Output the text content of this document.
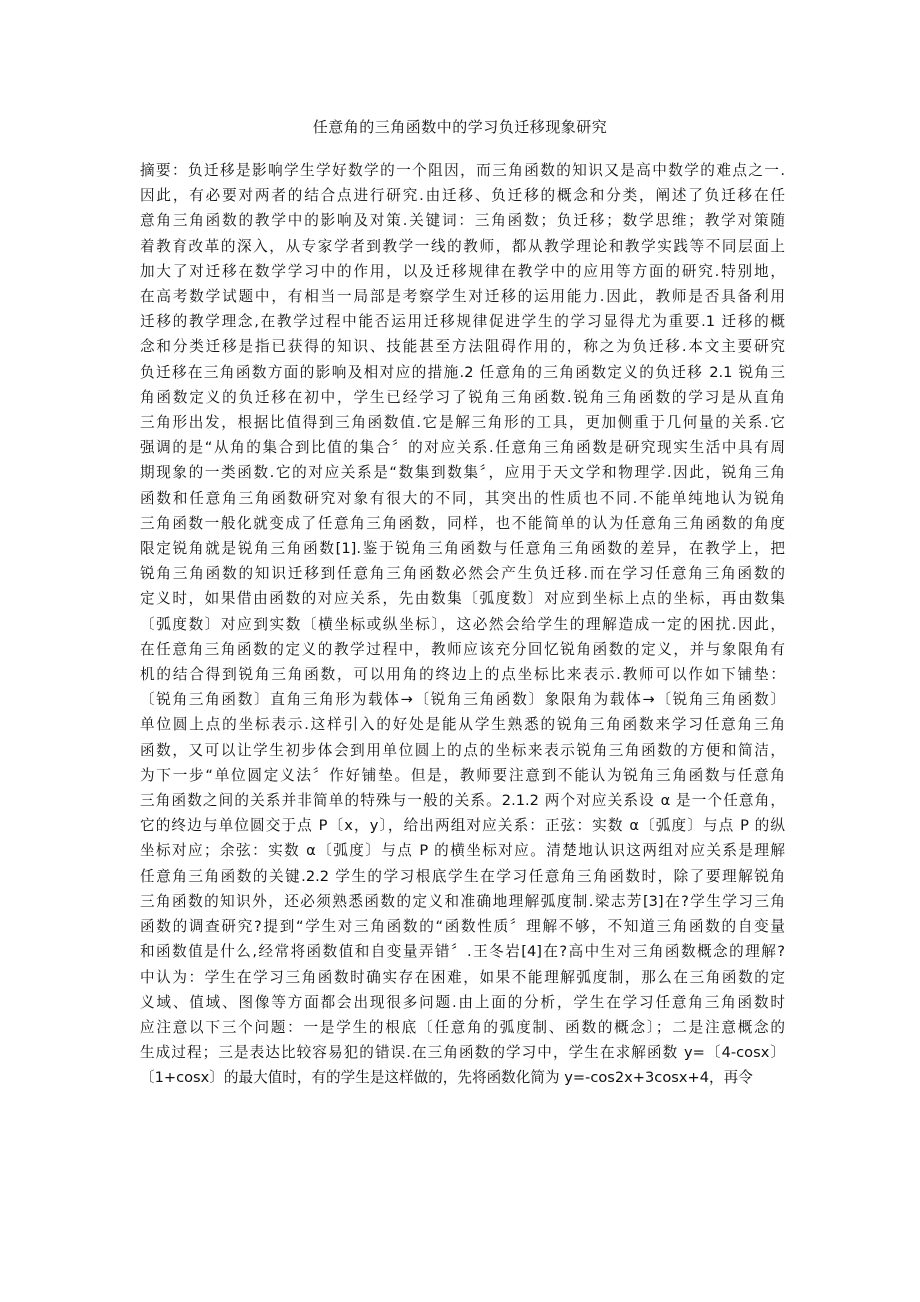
任意角的三角函数中的学习负迁移现象研究
摘要：负迁移是影响学生学好数学的一个阻因，而三角函数的知识又是高中数学的难点之一.
因此，有必要对两者的结合点进行研究.由迁移、负迁移的概念和分类，阐述了负迁移在任
意角三角函数的教学中的影响及对策.关键词：三角函数；负迁移；数学思维；教学对策随
着教育改革的深入，从专家学者到教学一线的教师，都从教学理论和教学实践等不同层面上
加大了对迁移在数学学习中的作用，以及迁移规律在教学中的应用等方面的研究.特别地，
在高考数学试题中，有相当一局部是考察学生对迁移的运用能力.因此，教师是否具备利用
迁移的教学理念,在教学过程中能否运用迁移规律促进学生的学习显得尤为重要.1 迁移的概
念和分类迁移是指已获得的知识、技能甚至方法阻碍作用的，称之为负迁移.本文主要研究
负迁移在三角函数方面的影响及相对应的措施.2 任意角的三角函数定义的负迁移 2.1 锐角三
角函数定义的负迁移在初中，学生已经学习了锐角三角函数.锐角三角函数的学习是从直角
三角形出发，根据比值得到三角函数值.它是解三角形的工具，更加侧重于几何量的关系.它
强调的是“从角的集合到比值的集合〞的对应关系.任意角三角函数是研究现实生活中具有周
期现象的一类函数.它的对应关系是“数集到数集〞，应用于天文学和物理学.因此，锐角三角
函数和任意角三角函数研究对象有很大的不同，其突出的性质也不同.不能单纯地认为锐角
三角函数一般化就变成了任意角三角函数，同样，也不能简单的认为任意角三角函数的角度
限定锐角就是锐角三角函数[1].鉴于锐角三角函数与任意角三角函数的差异，在教学上，把
锐角三角函数的知识迁移到任意角三角函数必然会产生负迁移.而在学习任意角三角函数的
定义时，如果借由函数的对应关系，先由数集〔弧度数〕对应到坐标上点的坐标，再由数集
〔弧度数〕对应到实数〔横坐标或纵坐标〕，这必然会给学生的理解造成一定的困扰.因此，
在任意角三角函数的定义的教学过程中，教师应该充分回忆锐角函数的定义，并与象限角有
机的结合得到锐角三角函数，可以用角的终边上的点坐标比来表示.教师可以作如下铺垫：
〔锐角三角函数〕直角三角形为载体→〔锐角三角函数〕象限角为载体→〔锐角三角函数〕
单位圆上点的坐标表示.这样引入的好处是能从学生熟悉的锐角三角函数来学习任意角三角
函数，又可以让学生初步体会到用单位圆上的点的坐标来表示锐角三角函数的方便和简洁，
为下一步“单位圆定义法〞作好铺垫。但是，教师要注意到不能认为锐角三角函数与任意角
三角函数之间的关系并非简单的特殊与一般的关系。2.1.2 两个对应关系设 α 是一个任意角，
它的终边与单位圆交于点 P〔x，y〕，给出两组对应关系：正弦：实数 α〔弧度〕与点 P 的纵
坐标对应；余弦：实数 α〔弧度〕与点 P 的横坐标对应。清楚地认识这两组对应关系是理解
任意角三角函数的关键.2.2 学生的学习根底学生在学习任意角三角函数时，除了要理解锐角
三角函数的知识外，还必须熟悉函数的定义和准确地理解弧度制.梁志芳[3]在?学生学习三角
函数的调查研究?提到“学生对三角函数的“函数性质〞理解不够，不知道三角函数的自变量
和函数值是什么,经常将函数值和自变量弄错〞.王冬岩[4]在?高中生对三角函数概念的理解?
中认为：学生在学习三角函数时确实存在困难，如果不能理解弧度制，那么在三角函数的定
义域、值域、图像等方面都会出现很多问题.由上面的分析，学生在学习任意角三角函数时
应注意以下三个问题：一是学生的根底〔任意角的弧度制、函数的概念〕；二是注意概念的
生成过程；三是表达比较容易犯的错误.在三角函数的学习中，学生在求解函数 y=〔4-cosx〕
〔1+cosx〕的最大值时，有的学生是这样做的，先将函数化简为 y=-cos2x+3cosx+4，再令
